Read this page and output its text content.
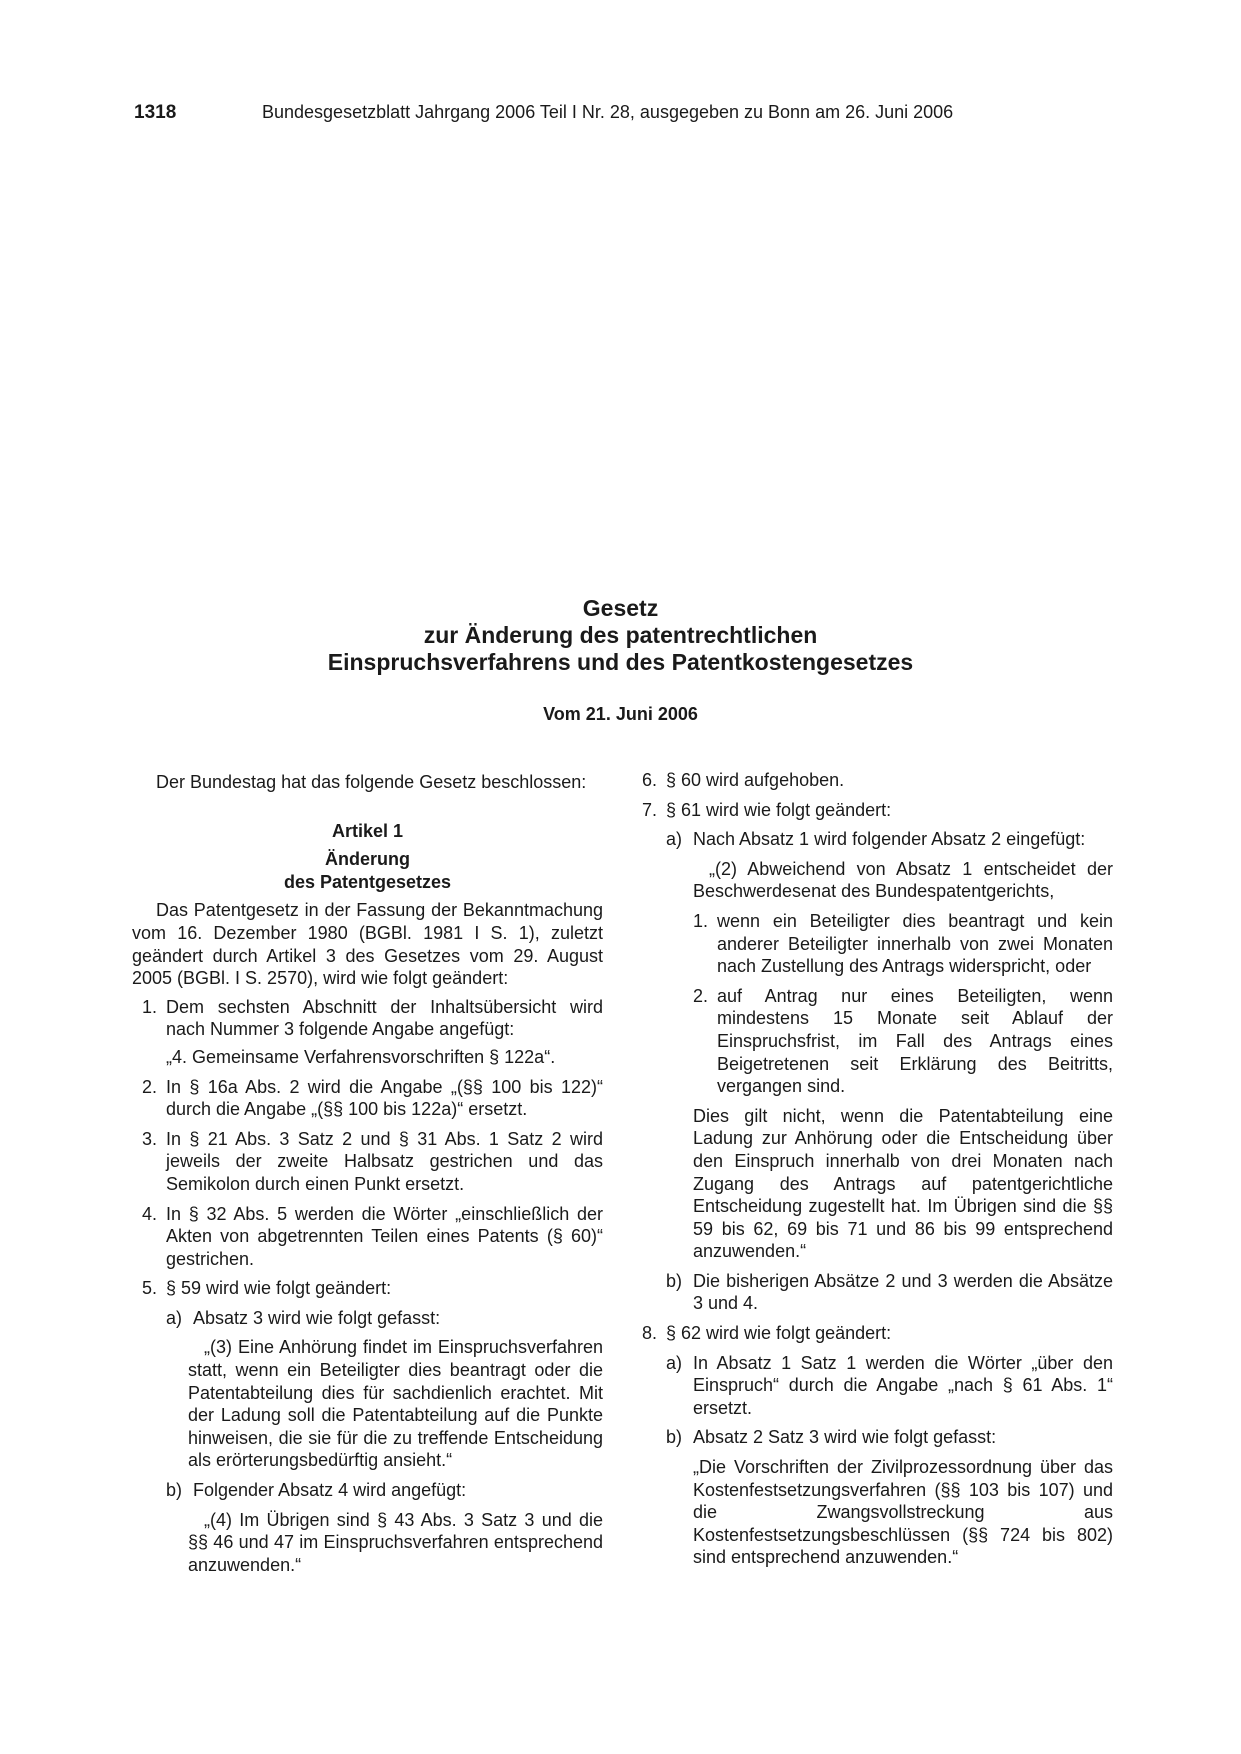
1318	Bundesgesetzblatt Jahrgang 2006 Teil I Nr. 28, ausgegeben zu Bonn am 26. Juni 2006

Gesetz

zur Änderung des patentrechtlichen

Einspruchsverfahrens und des Patentkostengesetzes

Vom 21. Juni 2006

Der Bundestag hat das folgende Gesetz beschlossen:

Artikel 1

Änderung

des Patentgesetzes

Das Patentgesetz in der Fassung der Bekanntmachung vom 16. Dezember 1980 (BGBl. 1981 I S. 1), zuletzt geändert durch Artikel 3 des Gesetzes vom 29. August 2005 (BGBl. I S. 2570), wird wie folgt geändert:

1. Dem sechsten Abschnitt der Inhaltsübersicht wird nach Nummer 3 folgende Angabe angefügt:

„4. Gemeinsame Verfahrensvorschriften § 122a“.

2. In § 16a Abs. 2 wird die Angabe „(§§ 100 bis 122)“ durch die Angabe „(§§ 100 bis 122a)“ ersetzt.
3. In § 21 Abs. 3 Satz 2 und § 31 Abs. 1 Satz 2 wird jeweils der zweite Halbsatz gestrichen und das Semikolon durch einen Punkt ersetzt.
4. In § 32 Abs. 5 werden die Wörter „einschließlich der Akten von abgetrennten Teilen eines Patents (§ 60)“ gestrichen.
5. § 59 wird wie folgt geändert:
a) Absatz 3 wird wie folgt gefasst:

„(3) Eine Anhörung findet im Einspruchsverfahren statt, wenn ein Beteiligter dies beantragt oder die Patentabteilung dies für sachdienlich erachtet. Mit der Ladung soll die Patentabteilung auf die Punkte hinweisen, die sie für die zu treffende Entscheidung als erörterungsbedürftig ansieht.“

b) Folgender Absatz 4 wird angefügt:

„(4) Im Übrigen sind § 43 Abs. 3 Satz 3 und die §§ 46 und 47 im Einspruchsverfahren entsprechend anzuwenden.“

6. § 60 wird aufgehoben.
7. § 61 wird wie folgt geändert:
a) Nach Absatz 1 wird folgender Absatz 2 eingefügt:

„(2) Abweichend von Absatz 1 entscheidet der Beschwerdesenat des Bundespatentgerichts,

1. wenn ein Beteiligter dies beantragt und kein anderer Beteiligter innerhalb von zwei Monaten nach Zustellung des Antrags widerspricht, oder
2. auf Antrag nur eines Beteiligten, wenn mindestens 15 Monate seit Ablauf der Einspruchsfrist, im Fall des Antrags eines Beigetretenen seit Erklärung des Beitritts, vergangen sind.

Dies gilt nicht, wenn die Patentabteilung eine Ladung zur Anhörung oder die Entscheidung über den Einspruch innerhalb von drei Monaten nach Zugang des Antrags auf patentgerichtliche Entscheidung zugestellt hat. Im Übrigen sind die §§ 59 bis 62, 69 bis 71 und 86 bis 99 entsprechend anzuwenden.“

b) Die bisherigen Absätze 2 und 3 werden die Absätze 3 und 4.
8. § 62 wird wie folgt geändert:
a) In Absatz 1 Satz 1 werden die Wörter „über den Einspruch“ durch die Angabe „nach § 61 Abs. 1“ ersetzt.
b) Absatz 2 Satz 3 wird wie folgt gefasst:

„Die Vorschriften der Zivilprozessordnung über das Kostenfestsetzungsverfahren (§§ 103 bis 107) und die Zwangsvollstreckung aus Kostenfestsetzungsbeschlüssen (§§ 724 bis 802) sind entsprechend anzuwenden.“
